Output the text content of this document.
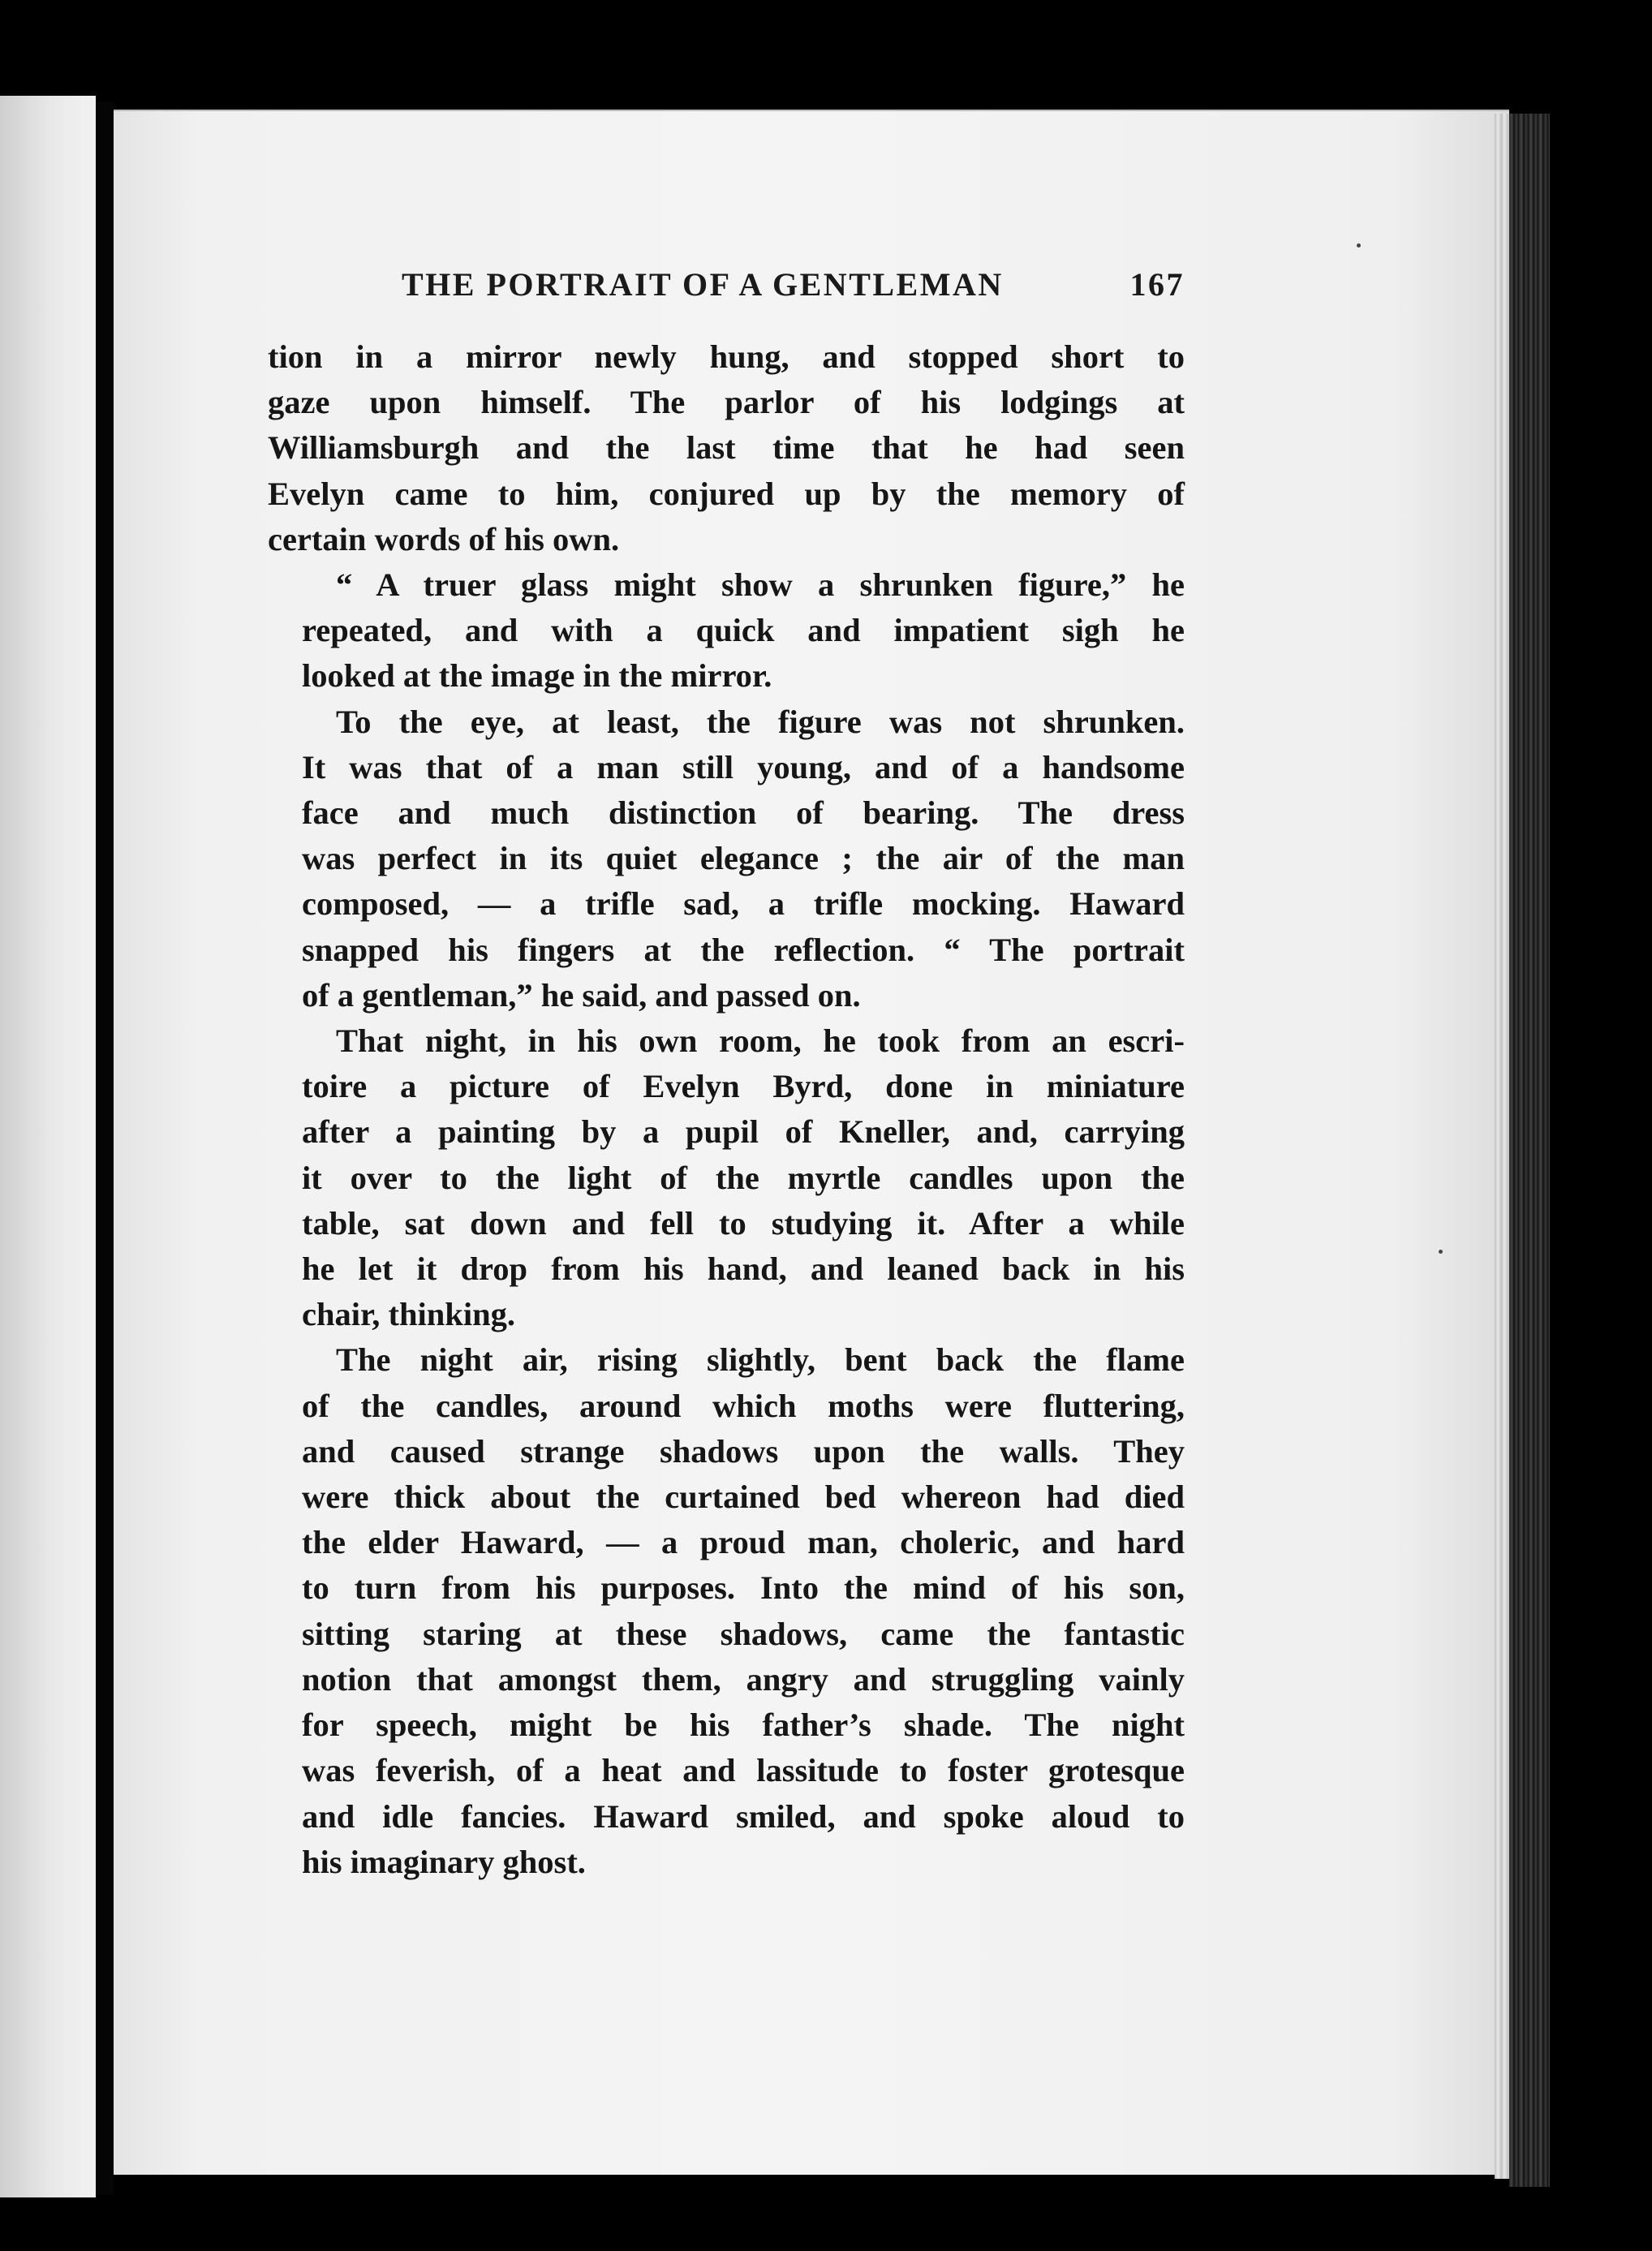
THE PORTRAIT OF A GENTLEMAN	167

tion in a mirror newly hung, and stopped short to
gaze upon himself. The parlor of his lodgings at
Williamsburgh and the last time that he had seen
Evelyn came to him, conjured up by the memory of
certain words of his own.

“ A truer glass might show a shrunken figure,” he
repeated, and with a quick and impatient sigh he
looked at the image in the mirror.

To the eye, at least, the figure was not shrunken.
It was that of a man still young, and of a handsome
face and much distinction of bearing. The dress
was perfect in its quiet elegance ; the air of the man
composed, — a trifle sad, a trifle mocking. Haward
snapped his fingers at the reflection. “ The portrait
of a gentleman,” he said, and passed on.

That night, in his own room, he took from an escri-
toire a picture of Evelyn Byrd, done in miniature
after a painting by a pupil of Kneller, and, carrying
it over to the light of the myrtle candles upon the
table, sat down and fell to studying it. After a while
he let it drop from his hand, and leaned back in his
chair, thinking.

The night air, rising slightly, bent back the flame
of the candles, around which moths were fluttering,
and caused strange shadows upon the walls. They
were thick about the curtained bed whereon had died
the elder Haward, — a proud man, choleric, and hard
to turn from his purposes. Into the mind of his son,
sitting staring at these shadows, came the fantastic
notion that amongst them, angry and struggling vainly
for speech, might be his father’s shade. The night
was feverish, of a heat and lassitude to foster grotesque
and idle fancies. Haward smiled, and spoke aloud to
his imaginary ghost.
